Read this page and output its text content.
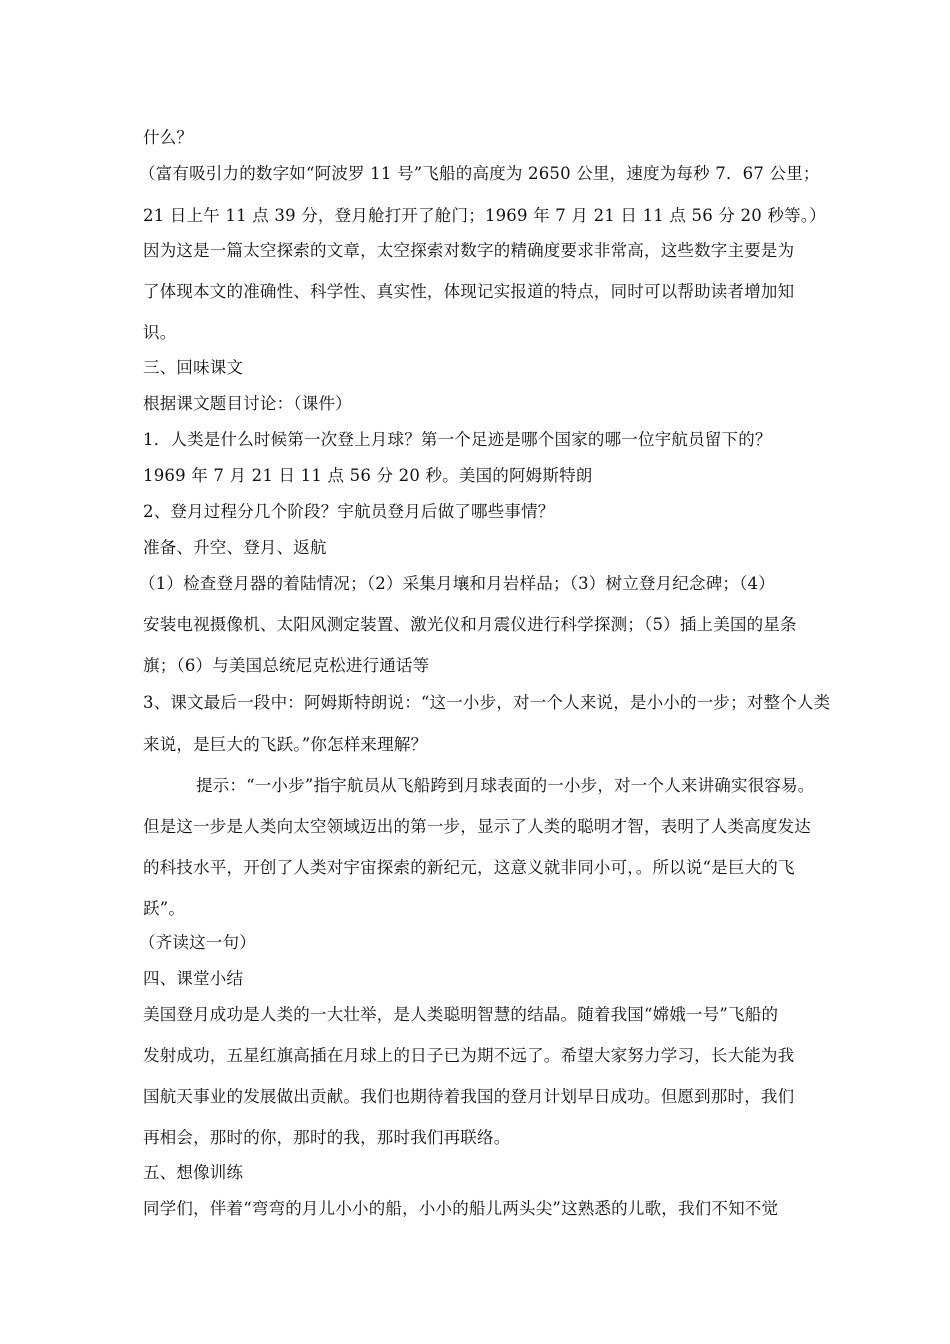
什么？
（富有吸引力的数字如“阿波罗 11 号”飞船的高度为 2650 公里，速度为每秒 7．67 公里；
21 日上午 11 点 39 分，登月舱打开了舱门；1969 年 7 月 21 日 11 点 56 分 20 秒等。）
因为这是一篇太空探索的文章，太空探索对数字的精确度要求非常高，这些数字主要是为
了体现本文的准确性、科学性、真实性，体现记实报道的特点，同时可以帮助读者增加知
识。
三、回味课文
根据课文题目讨论：（课件）
1．人类是什么时候第一次登上月球？第一个足迹是哪个国家的哪一位宇航员留下的？
1969 年 7 月 21 日 11 点 56 分 20 秒。美国的阿姆斯特朗
2、登月过程分几个阶段？宇航员登月后做了哪些事情？
准备、升空、登月、返航
（1）检查登月器的着陆情况；（2）采集月壤和月岩样品；（3）树立登月纪念碑；（4）
安装电视摄像机、太阳风测定装置、激光仪和月震仪进行科学探测；（5）插上美国的星条
旗；（6）与美国总统尼克松进行通话等
3、课文最后一段中：阿姆斯特朗说：“这一小步，对一个人来说，是小小的一步；对整个人类
来说，是巨大的飞跃。”你怎样来理解？
提示：“一小步”指宇航员从飞船跨到月球表面的一小步，对一个人来讲确实很容易。
但是这一步是人类向太空领域迈出的第一步，显示了人类的聪明才智，表明了人类高度发达
的科技水平，开创了人类对宇宙探索的新纪元，这意义就非同小可，。所以说“是巨大的飞
跃”。
（齐读这一句）
四、课堂小结
美国登月成功是人类的一大壮举，是人类聪明智慧的结晶。随着我国“嫦娥一号”飞船的
发射成功，五星红旗高插在月球上的日子已为期不远了。希望大家努力学习，长大能为我
国航天事业的发展做出贡献。我们也期待着我国的登月计划早日成功。但愿到那时，我们
再相会，那时的你，那时的我，那时我们再联络。
五、想像训练
同学们，伴着“弯弯的月儿小小的船，小小的船儿两头尖”这熟悉的儿歌，我们不知不觉
